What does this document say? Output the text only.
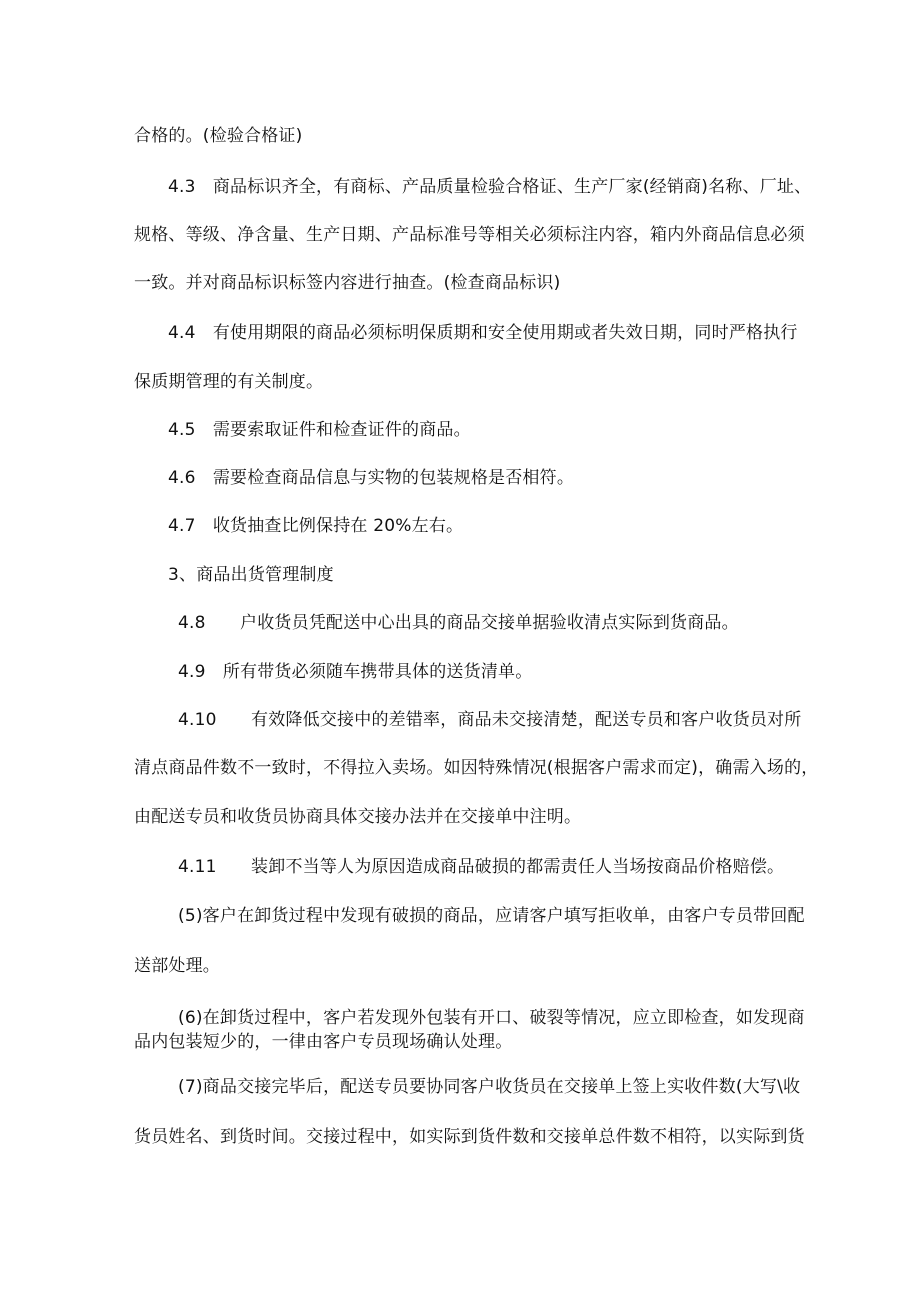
合格的。(检验合格证)
4.3　商品标识齐全，有商标、产品质量检验合格证、生产厂家(经销商)名称、厂址、
规格、等级、净含量、生产日期、产品标准号等相关必须标注内容，箱内外商品信息必须
一致。并对商品标识标签内容进行抽查。(检查商品标识)
4.4　有使用期限的商品必须标明保质期和安全使用期或者失效日期，同时严格执行
保质期管理的有关制度。
4.5　需要索取证件和检查证件的商品。
4.6　需要检查商品信息与实物的包装规格是否相符。
4.7　收货抽查比例保持在 20%左右。
3、商品出货管理制度
4.8　　户收货员凭配送中心出具的商品交接单据验收清点实际到货商品。
4.9　所有带货必须随车携带具体的送货清单。
4.10　　有效降低交接中的差错率，商品未交接清楚，配送专员和客户收货员对所
清点商品件数不一致时，不得拉入卖场。如因特殊情况(根据客户需求而定)，确需入场的，
由配送专员和收货员协商具体交接办法并在交接单中注明。
4.11　　装卸不当等人为原因造成商品破损的都需责任人当场按商品价格赔偿。
(5)客户在卸货过程中发现有破损的商品，应请客户填写拒收单，由客户专员带回配
送部处理。
(6)在卸货过程中，客户若发现外包装有开口、破裂等情况，应立即检查，如发现商
品内包装短少的，一律由客户专员现场确认处理。
(7)商品交接完毕后，配送专员要协同客户收货员在交接单上签上实收件数(大写\收
货员姓名、到货时间。交接过程中，如实际到货件数和交接单总件数不相符，以实际到货
